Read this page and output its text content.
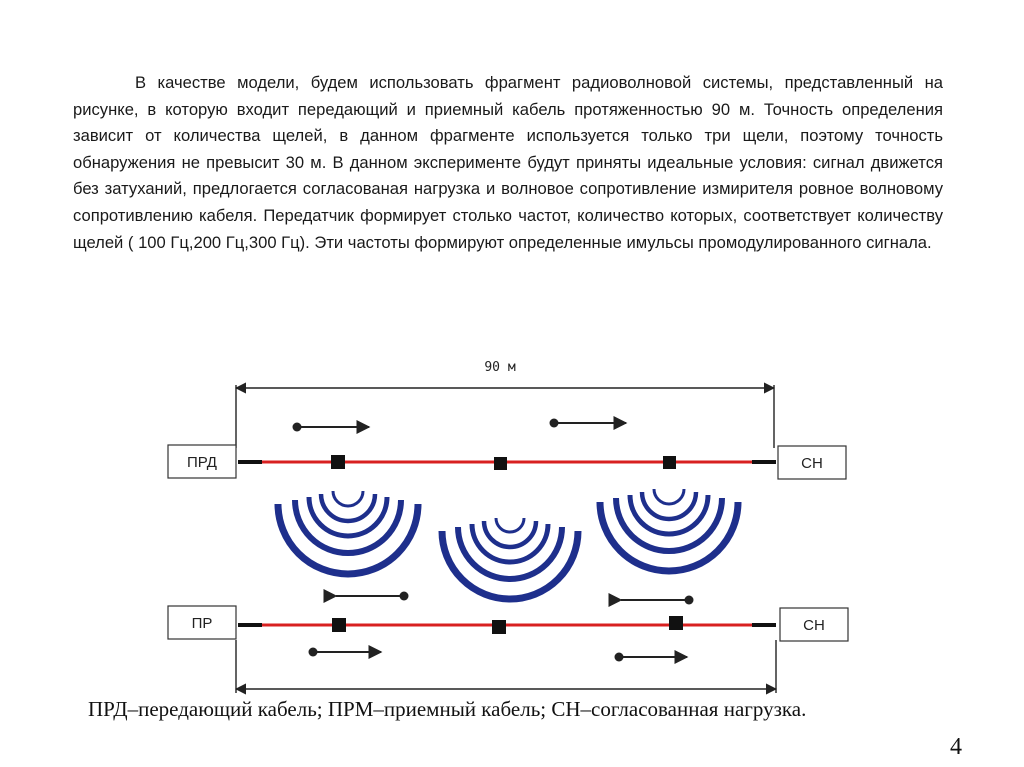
В качестве модели, будем использовать фрагмент радиоволновой системы, представленный на рисунке, в которую входит передающий и приемный кабель протяженностью 90 м. Точность определения зависит от количества щелей, в данном фрагменте используется только три щели, поэтому точность обнаружения не превысит 30 м. В данном эксперименте будут приняты идеальные условия: сигнал движется без затуханий, предлогается согласованая нагрузка и волновое сопротивление измирителя ровное волновому сопротивлению кабеля. Передатчик формирует столько частот, количество которых, соответствует количеству щелей ( 100 Гц,200 Гц,300 Гц). Эти частоты формируют определенные имульсы промодулированного сигнала.

90 м
ПРД	СН
ПР	СН
ПРД–передающий кабель; ПРМ–приемный кабель; СН–согласованная нагрузка.
4
